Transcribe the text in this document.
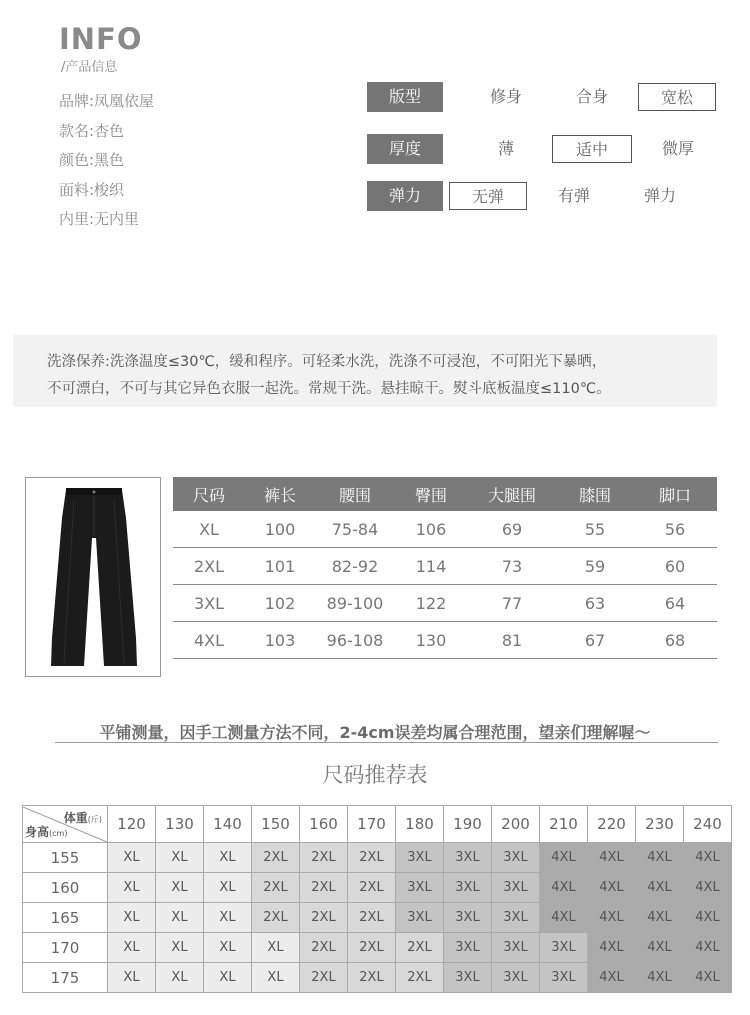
INFO
/产品信息
品牌:凤凰依屋
款名:杏色
颜色:黑色
面料:梭织
内里:无内里
版型	修身	合身	宽松
厚度	薄	适中	微厚
弹力	无弹	有弹	弹力
洗涤保养:洗涤温度≤30℃，缓和程序。可轻柔水洗，洗涤不可浸泡，不可阳光下暴晒，
不可漂白，不可与其它异色衣服一起洗。常规干洗。悬挂晾干。熨斗底板温度≤110℃。
尺码	裤长	腰围	臀围	大腿围	膝围	脚口
XL	100	75-84	106	69	55	56
2XL	101	82-92	114	73	59	60
3XL	102	89-100	122	77	63	64
4XL	103	96-108	130	81	67	68
平铺测量，因手工测量方法不同，2-4cm误差均属合理范围，望亲们理解喔～
尺码推荐表
体重(斤)
身高(cm)	120	130	140	150	160	170	180	190	200	210	220	230	240
155	XL	XL	XL	2XL	2XL	2XL	3XL	3XL	3XL	4XL	4XL	4XL	4XL
160	XL	XL	XL	2XL	2XL	2XL	3XL	3XL	3XL	4XL	4XL	4XL	4XL
165	XL	XL	XL	2XL	2XL	2XL	3XL	3XL	3XL	4XL	4XL	4XL	4XL
170	XL	XL	XL	XL	2XL	2XL	2XL	3XL	3XL	3XL	4XL	4XL	4XL
175	XL	XL	XL	XL	2XL	2XL	2XL	3XL	3XL	3XL	4XL	4XL	4XL
